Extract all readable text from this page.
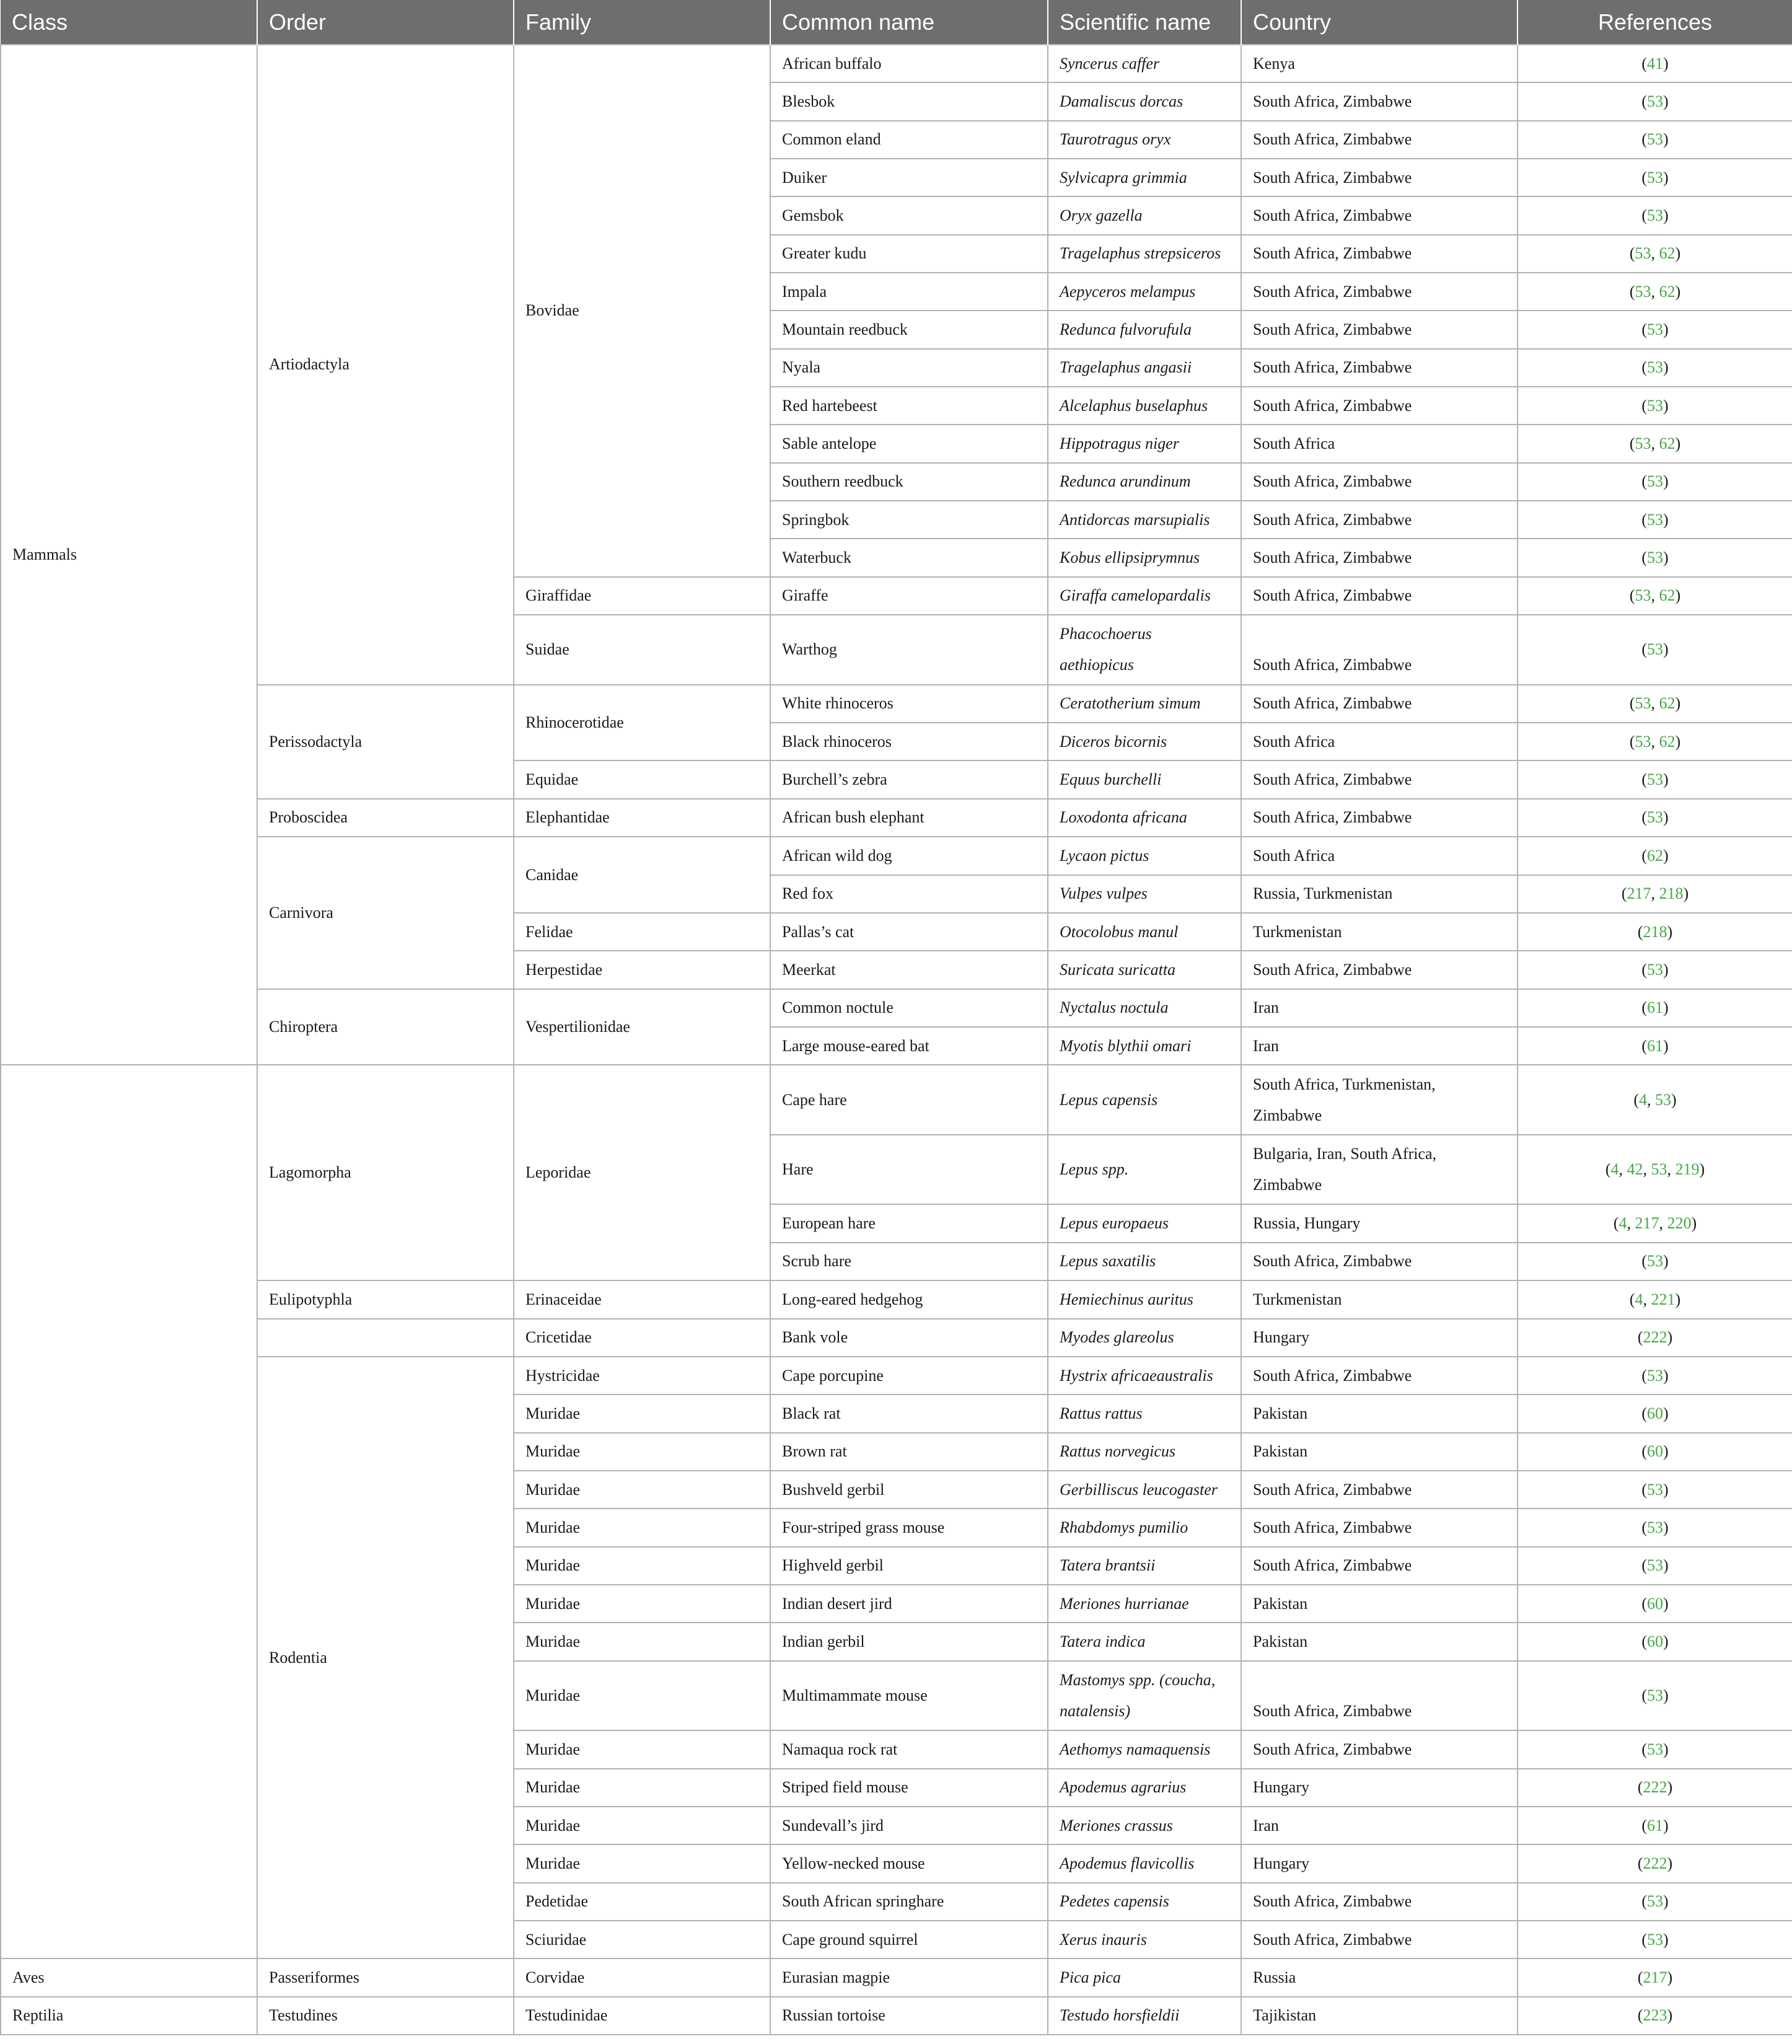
Class	Order	Family	Common name	Scientific name	Country	References
Mammals	Artiodactyla	Bovidae	African buffalo	Syncerus caffer	Kenya	(41)
			Blesbok	Damaliscus dorcas	South Africa, Zimbabwe	(53)
			Common eland	Taurotragus oryx	South Africa, Zimbabwe	(53)
			Duiker	Sylvicapra grimmia	South Africa, Zimbabwe	(53)
			Gemsbok	Oryx gazella	South Africa, Zimbabwe	(53)
			Greater kudu	Tragelaphus strepsiceros	South Africa, Zimbabwe	(53, 62)
			Impala	Aepyceros melampus	South Africa, Zimbabwe	(53, 62)
			Mountain reedbuck	Redunca fulvorufula	South Africa, Zimbabwe	(53)
			Nyala	Tragelaphus angasii	South Africa, Zimbabwe	(53)
			Red hartebeest	Alcelaphus buselaphus	South Africa, Zimbabwe	(53)
			Sable antelope	Hippotragus niger	South Africa	(53, 62)
			Southern reedbuck	Redunca arundinum	South Africa, Zimbabwe	(53)
			Springbok	Antidorcas marsupialis	South Africa, Zimbabwe	(53)
			Waterbuck	Kobus ellipsiprymnus	South Africa, Zimbabwe	(53)
		Giraffidae	Giraffe	Giraffa camelopardalis	South Africa, Zimbabwe	(53, 62)
		Suidae	Warthog	Phacochoerus
aethiopicus	
South Africa, Zimbabwe	(53)
	Perissodactyla	Rhinocerotidae	White rhinoceros	Ceratotherium simum	South Africa, Zimbabwe	(53, 62)
			Black rhinoceros	Diceros bicornis	South Africa	(53, 62)
		Equidae	Burchell’s zebra	Equus burchelli	South Africa, Zimbabwe	(53)
	Proboscidea	Elephantidae	African bush elephant	Loxodonta africana	South Africa, Zimbabwe	(53)
	Carnivora	Canidae	African wild dog	Lycaon pictus	South Africa	(62)
			Red fox	Vulpes vulpes	Russia, Turkmenistan	(217, 218)
		Felidae	Pallas’s cat	Otocolobus manul	Turkmenistan	(218)
		Herpestidae	Meerkat	Suricata suricatta	South Africa, Zimbabwe	(53)
	Chiroptera	Vespertilionidae	Common noctule	Nyctalus noctula	Iran	(61)
			Large mouse-eared bat	Myotis blythii omari	Iran	(61)
	Lagomorpha	Leporidae	Cape hare	Lepus capensis	South Africa, Turkmenistan,
Zimbabwe	(4, 53)
			Hare	Lepus spp.	Bulgaria, Iran, South Africa,
Zimbabwe	(4, 42, 53, 219)
			European hare	Lepus europaeus	Russia, Hungary	(4, 217, 220)
			Scrub hare	Lepus saxatilis	South Africa, Zimbabwe	(53)
	Eulipotyphla	Erinaceidae	Long-eared hedgehog	Hemiechinus auritus	Turkmenistan	(4, 221)
		Cricetidae	Bank vole	Myodes glareolus	Hungary	(222)
	Rodentia	Hystricidae	Cape porcupine	Hystrix africaeaustralis	South Africa, Zimbabwe	(53)
		Muridae	Black rat	Rattus rattus	Pakistan	(60)
		Muridae	Brown rat	Rattus norvegicus	Pakistan	(60)
		Muridae	Bushveld gerbil	Gerbilliscus leucogaster	South Africa, Zimbabwe	(53)
		Muridae	Four-striped grass mouse	Rhabdomys pumilio	South Africa, Zimbabwe	(53)
		Muridae	Highveld gerbil	Tatera brantsii	South Africa, Zimbabwe	(53)
		Muridae	Indian desert jird	Meriones hurrianae	Pakistan	(60)
		Muridae	Indian gerbil	Tatera indica	Pakistan	(60)
		Muridae	Multimammate mouse	Mastomys spp. (coucha,
natalensis)	
South Africa, Zimbabwe	(53)
		Muridae	Namaqua rock rat	Aethomys namaquensis	South Africa, Zimbabwe	(53)
		Muridae	Striped field mouse	Apodemus agrarius	Hungary	(222)
		Muridae	Sundevall’s jird	Meriones crassus	Iran	(61)
		Muridae	Yellow-necked mouse	Apodemus flavicollis	Hungary	(222)
		Pedetidae	South African springhare	Pedetes capensis	South Africa, Zimbabwe	(53)
		Sciuridae	Cape ground squirrel	Xerus inauris	South Africa, Zimbabwe	(53)
Aves	Passeriformes	Corvidae	Eurasian magpie	Pica pica	Russia	(217)
Reptilia	Testudines	Testudinidae	Russian tortoise	Testudo horsfieldii	Tajikistan	(223)
